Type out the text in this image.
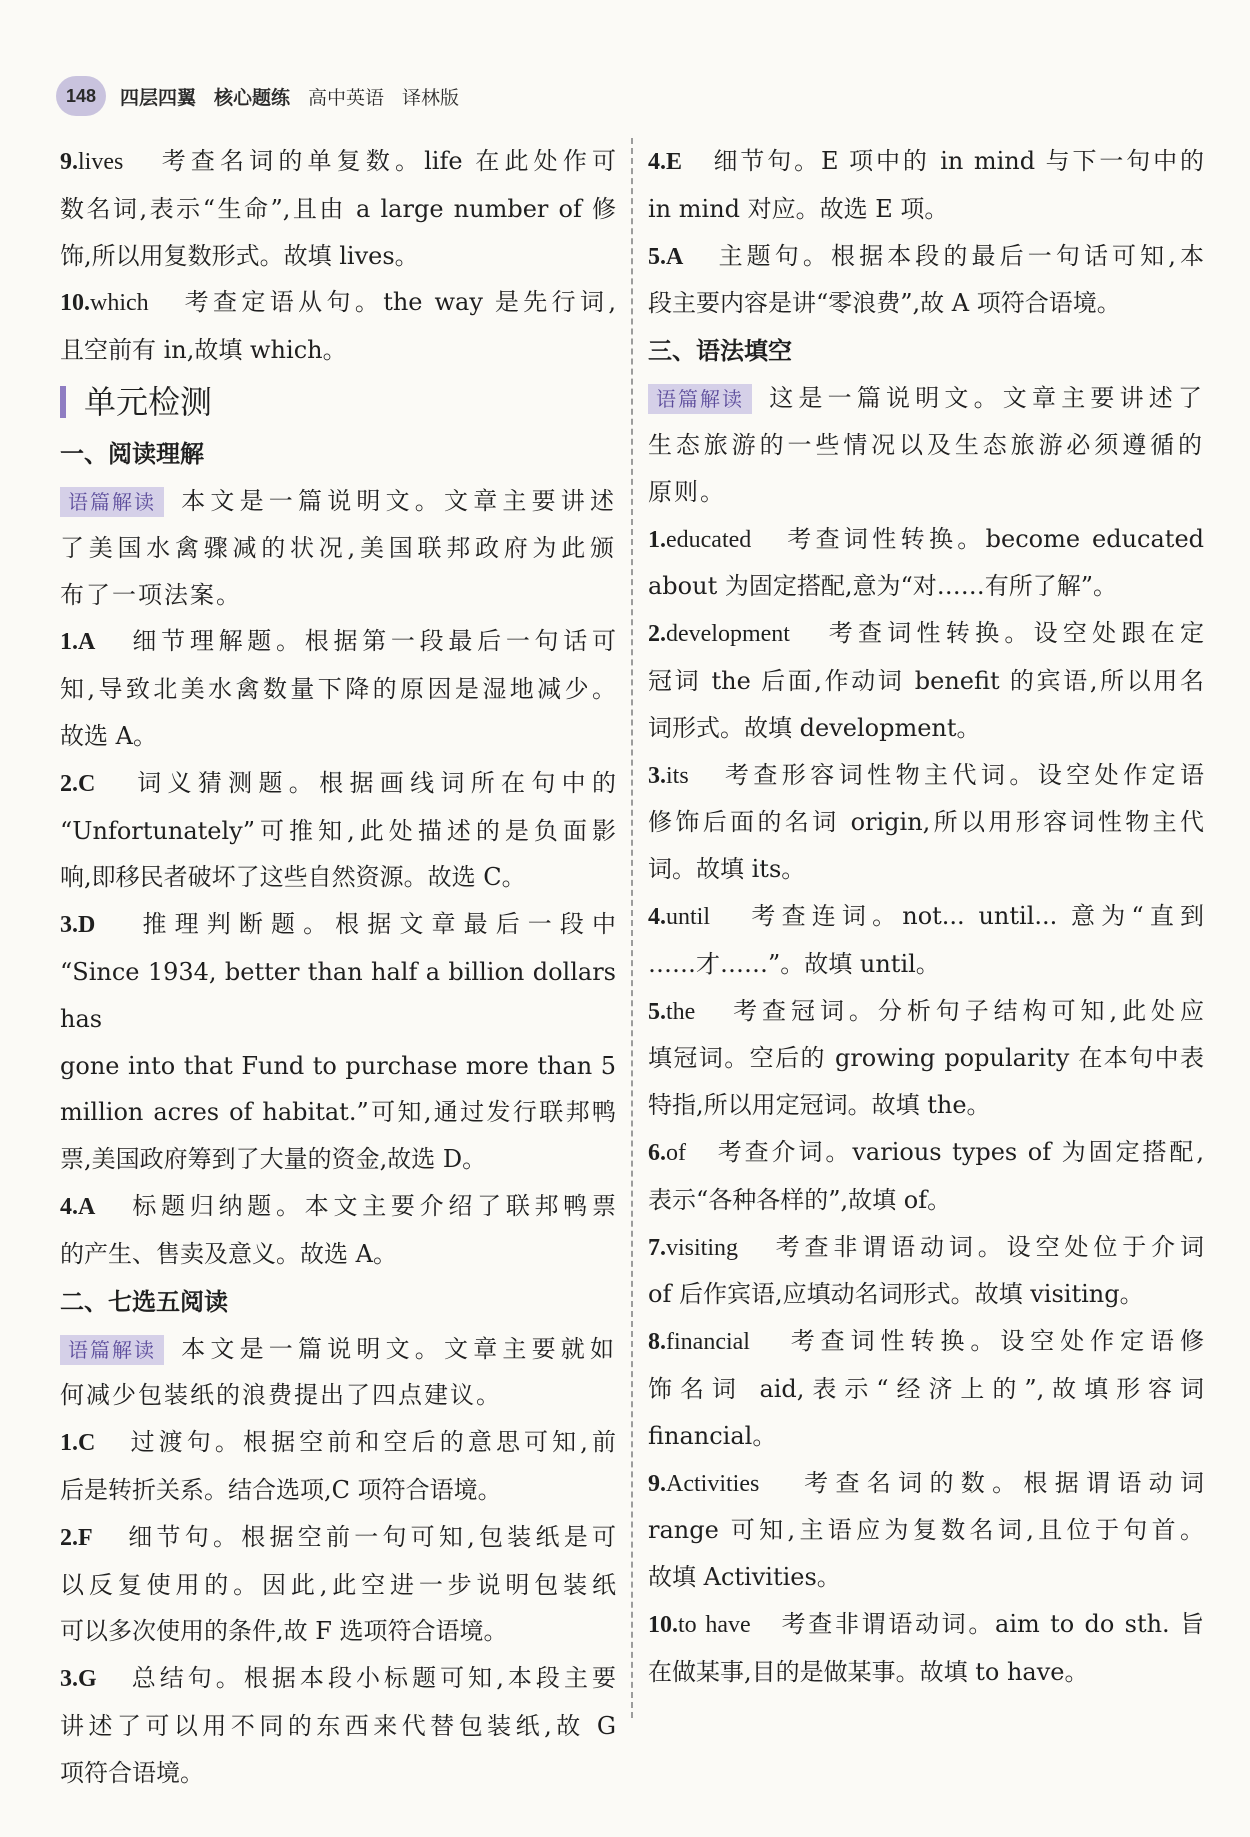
148	四层四翼 核心题练 高中英语 译林版

9.lives 考查名词的单复数。life 在此处作可

数名词,表示“生命”,且由 a large number of 修

饰,所以用复数形式。故填 lives。

10.which 考查定语从句。the way 是先行词,

且空前有 in,故填 which。

单元检测

一、阅读理解

语篇解读 本文是一篇说明文。文章主要讲述

了美国水禽骤减的状况,美国联邦政府为此颁

布了一项法案。

1.A 细节理解题。根据第一段最后一句话可

知,导致北美水禽数量下降的原因是湿地减少。

故选 A。

2.C 词义猜测题。根据画线词所在句中的

“Unfortunately”可推知,此处描述的是负面影

响,即移民者破坏了这些自然资源。故选 C。

3.D 推理判断题。根据文章最后一段中

“Since 1934, better than half a billion dollars has

gone into that Fund to purchase more than 5

million acres of habitat.”可知,通过发行联邦鸭

票,美国政府筹到了大量的资金,故选 D。

4.A 标题归纳题。本文主要介绍了联邦鸭票

的产生、售卖及意义。故选 A。

二、七选五阅读

语篇解读 本文是一篇说明文。文章主要就如

何减少包装纸的浪费提出了四点建议。

1.C 过渡句。根据空前和空后的意思可知,前

后是转折关系。结合选项,C 项符合语境。

2.F 细节句。根据空前一句可知,包装纸是可

以反复使用的。因此,此空进一步说明包装纸

可以多次使用的条件,故 F 选项符合语境。

3.G 总结句。根据本段小标题可知,本段主要

讲述了可以用不同的东西来代替包装纸,故 G

项符合语境。

4.E 细节句。E 项中的 in mind 与下一句中的

in mind 对应。故选 E 项。

5.A 主题句。根据本段的最后一句话可知,本

段主要内容是讲“零浪费”,故 A 项符合语境。

三、语法填空

语篇解读 这是一篇说明文。文章主要讲述了

生态旅游的一些情况以及生态旅游必须遵循的

原则。

1.educated 考查词性转换。become educated

about 为固定搭配,意为“对……有所了解”。

2.development 考查词性转换。设空处跟在定

冠词 the 后面,作动词 benefit 的宾语,所以用名

词形式。故填 development。

3.its 考查形容词性物主代词。设空处作定语

修饰后面的名词 origin,所以用形容词性物主代

词。故填 its。

4.until 考查连词。not... until... 意为“直到

……才……”。故填 until。

5.the 考查冠词。分析句子结构可知,此处应

填冠词。空后的 growing popularity 在本句中表

特指,所以用定冠词。故填 the。

6.of 考查介词。various types of 为固定搭配,

表示“各种各样的”,故填 of。

7.visiting 考查非谓语动词。设空处位于介词

of 后作宾语,应填动名词形式。故填 visiting。

8.financial 考查词性转换。设空处作定语修

饰名词 aid,表示“经济上的”,故填形容词

financial。

9.Activities 考查名词的数。根据谓语动词

range 可知,主语应为复数名词,且位于句首。

故填 Activities。

10.to have 考查非谓语动词。aim to do sth. 旨

在做某事,目的是做某事。故填 to have。
